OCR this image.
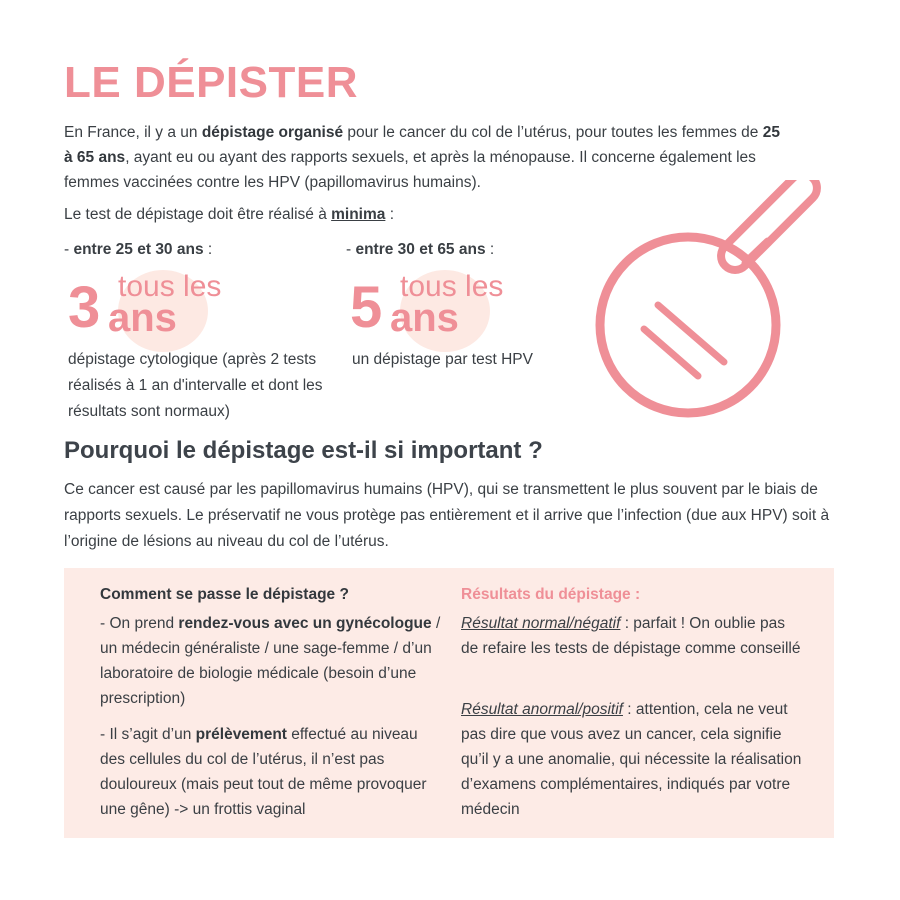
LE DÉPISTER

En France, il y a un dépistage organisé pour le cancer du col de l’utérus, pour toutes les femmes de 25 à 65 ans, ayant eu ou ayant des rapports sexuels, et après la ménopause. Il concerne également les femmes vaccinées contre les HPV (papillomavirus humains).

Le test de dépistage doit être réalisé à minima :

- entre 25 et 30 ans :

3 tous les
ans

dépistage cytologique (après 2 tests réalisés à 1 an d'intervalle et dont les résultats sont normaux)

- entre 30 et 65 ans :

5 tous les
ans

un dépistage par test HPV

Pourquoi le dépistage est-il si important ?

Ce cancer est causé par les papillomavirus humains (HPV), qui se transmettent le plus souvent par le biais de rapports sexuels. Le préservatif ne vous protège pas entièrement et il arrive que l’infection (due aux HPV) soit à l’origine de lésions au niveau du col de l’utérus.

Comment se passe le dépistage ?

- On prend rendez-vous avec un gynécologue / un médecin généraliste / une sage-femme / d’un laboratoire de biologie médicale (besoin d’une prescription)

- Il s’agit d’un prélèvement effectué au niveau des cellules du col de l’utérus, il n’est pas douloureux (mais peut tout de même provoquer une gêne) -> un frottis vaginal

Résultats du dépistage :

Résultat normal/négatif : parfait ! On oublie pas de refaire les tests de dépistage comme conseillé

Résultat anormal/positif : attention, cela ne veut pas dire que vous avez un cancer, cela signifie qu’il y a une anomalie, qui nécessite la réalisation d’examens complémentaires, indiqués par votre médecin
